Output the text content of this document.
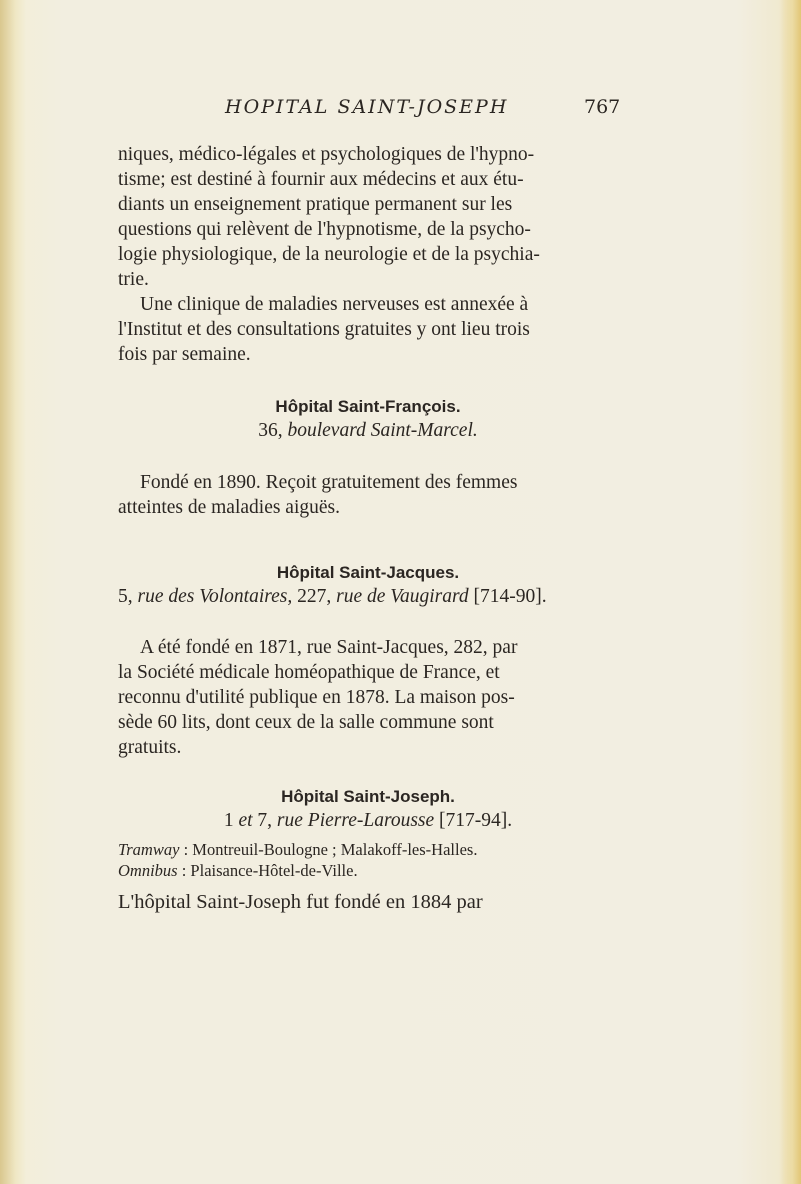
HOPITAL SAINT-JOSEPH	767
niques, médico-légales et psychologiques de l'hypno-
tisme; est destiné à fournir aux médecins et aux étu-
diants un enseignement pratique permanent sur les
questions qui relèvent de l'hypnotisme, de la psycho-
logie physiologique, de la neurologie et de la psychia-
trie.
Une clinique de maladies nerveuses est annexée à
l'Institut et des consultations gratuites y ont lieu trois
fois par semaine.
Hôpital Saint-François.
36, boulevard Saint-Marcel.
Fondé en 1890. Reçoit gratuitement des femmes
atteintes de maladies aiguës.
Hôpital Saint-Jacques.
5, rue des Volontaires, 227, rue de Vaugirard [714-90].
A été fondé en 1871, rue Saint-Jacques, 282, par
la Société médicale homéopathique de France, et
reconnu d'utilité publique en 1878. La maison pos-
sède 60 lits, dont ceux de la salle commune sont
gratuits.
Hôpital Saint-Joseph.
1 et 7, rue Pierre-Larousse [717-94].
Tramway : Montreuil-Boulogne ; Malakoff-les-Halles.
Omnibus : Plaisance-Hôtel-de-Ville.
L'hôpital Saint-Joseph fut fondé en 1884 par
